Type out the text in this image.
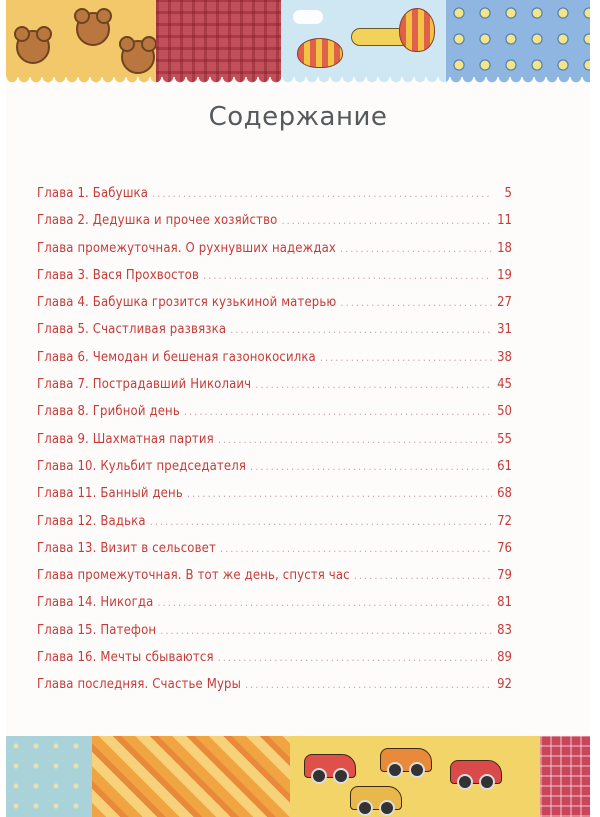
Содержание
Глава 1. Бабушка .....	5
Глава 2. Дедушка и прочее хозяйство .....	11
Глава промежуточная. О рухнувших надеждах .....	18
Глава 3. Вася Прохвостов .....	19
Глава 4. Бабушка грозится кузькиной матерью .....	27
Глава 5. Счастливая развязка .....	31
Глава 6. Чемодан и бешеная газонокосилка .....	38
Глава 7. Пострадавший Николаич .....	45
Глава 8. Грибной день .....	50
Глава 9. Шахматная партия .....	55
Глава 10. Кульбит председателя .....	61
Глава 11. Банный день .....	68
Глава 12. Вадька .....	72
Глава 13. Визит в сельсовет .....	76
Глава промежуточная. В тот же день, спустя час .....	79
Глава 14. Никогда .....	81
Глава 15. Патефон .....	83
Глава 16. Мечты сбываются .....	89
Глава последняя. Счастье Муры .....	92
